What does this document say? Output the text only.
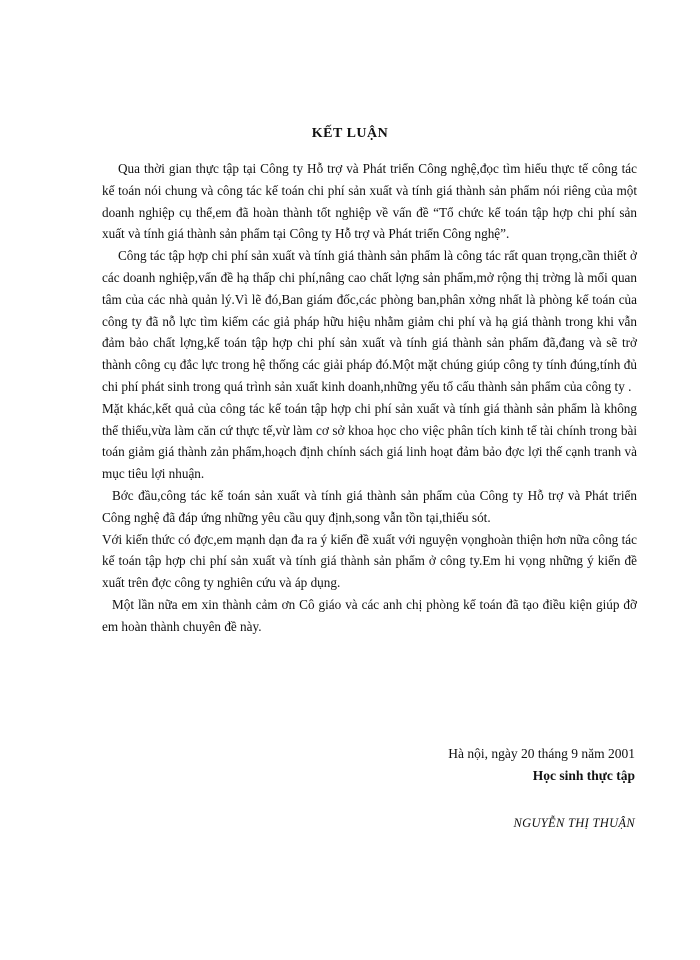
KẾT LUẬN

Qua thời gian thực tập tại Công ty Hỗ trợ và Phát triển Công nghệ,đọc tìm hiểu thực tế công tác kế toán nói chung và công tác kế toán chi phí sản xuất và tính giá thành sản phẩm nói riêng của một doanh nghiệp cụ thể,em đã hoàn thành tốt nghiệp về vấn đề “Tổ chức kế toán tập hợp chi phí sản xuất và tính giá thành sản phẩm tại Công ty Hỗ trợ và Phát triển Công nghệ”.

Công tác tập hợp chi phí sản xuất và tính giá thành sản phẩm là công tác rất quan trọng,cần thiết ở các doanh nghiệp,vấn đề hạ thấp chi phí,nâng cao chất lợng sản phẩm,mở rộng thị trờng là mối quan tâm của các nhà quản lý.Vì lẽ đó,Ban giám đốc,các phòng ban,phân xởng nhất là phòng kế toán của công ty đã nỗ lực tìm kiếm các giả pháp hữu hiệu nhằm giảm chi phí và hạ giá thành trong khi vẫn đảm bảo chất lợng,kế toán tập hợp chi phí sản xuất và tính giá thành sản phẩm đã,đang và sẽ trở thành công cụ đắc lực trong hệ thống các giải pháp đó.Một mặt chúng giúp công ty tính đúng,tính đủ chi phí phát sinh trong quá trình sản xuất kinh doanh,những yếu tố cấu thành sản phẩm của công ty .

Mặt khác,kết quả của công tác kế toán tập hợp chi phí sản xuất và tính giá thành sản phẩm là không thể thiếu,vừa làm căn cứ thực tế,vừ làm cơ sở khoa học cho việc phân tích kinh tế tài chính trong bài toán giảm giá thành zản phẩm,hoạch định chính sách giá linh hoạt đảm bảo đợc lợi thế cạnh tranh và mục tiêu lợi nhuận.

Bớc đầu,công tác kế toán sản xuất và tính giá thành sản phẩm của Công ty Hỗ trợ và Phát triển Công nghệ đã đáp ứng những yêu cầu quy định,song vẫn tồn tại,thiếu sót.

Với kiến thức có đợc,em mạnh dạn đa ra ý kiến đề xuất với nguyện vọnghoàn thiện hơn nữa công tác kế toán tập hợp chi phí sản xuất và tính giá thành sản phẩm ở công ty.Em hi vọng những ý kiến đề xuất trên đợc công ty nghiên cứu và áp dụng.

Một lần nữa em xin thành cảm ơn Cô giáo và các anh chị phòng kế toán đã tạo điều kiện giúp đỡ em hoàn thành chuyên đề này.

Hà nội, ngày 20 tháng 9 năm 2001
Học sinh thực tập
NGUYỄN THỊ THUẬN
